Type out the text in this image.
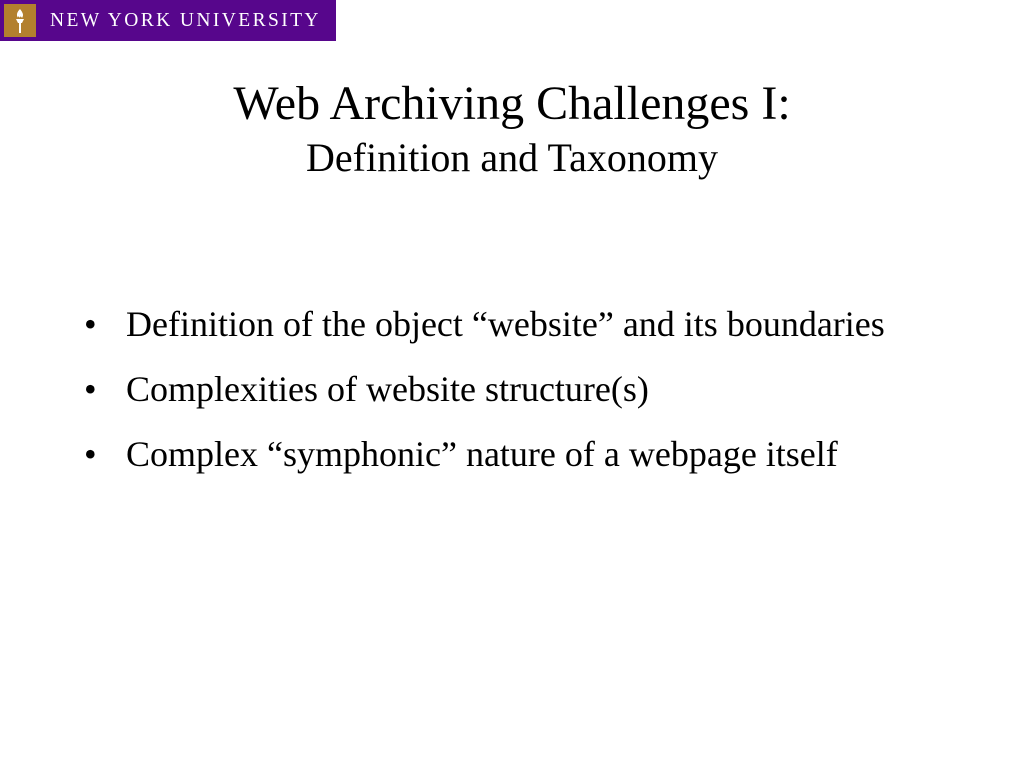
NEW YORK UNIVERSITY
Web Archiving Challenges I:
Definition and Taxonomy
• Definition of the object “website” and its boundaries
• Complexities of website structure(s)
• Complex “symphonic” nature of a webpage itself
